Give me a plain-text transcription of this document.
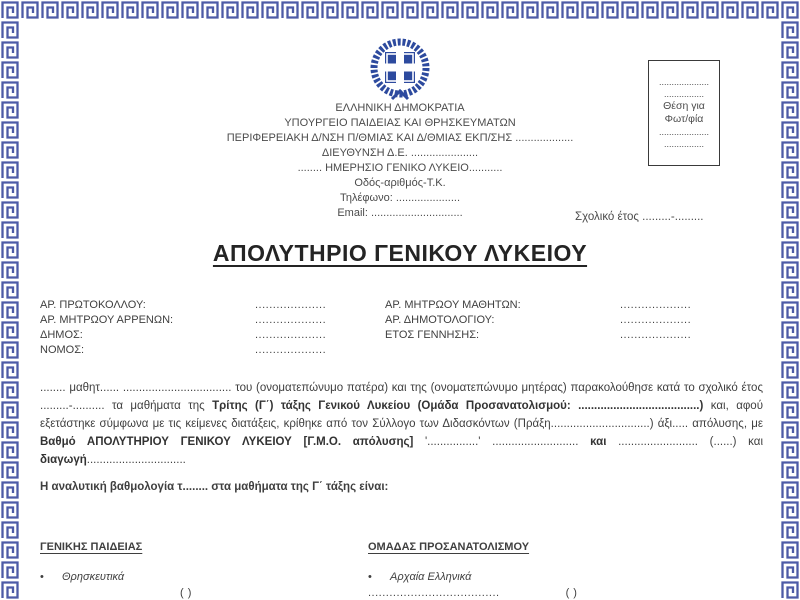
ΕΛΛΗΝΙΚΗ ΔΗΜΟΚΡΑΤΙΑ
ΥΠΟΥΡΓΕΙΟ ΠΑΙΔΕΙΑΣ ΚΑΙ ΘΡΗΣΚΕΥΜΑΤΩΝ
ΠΕΡΙΦΕΡΕΙΑΚΗ Δ/ΝΣΗ Π/ΘΜΙΑΣ ΚΑΙ Δ/ΘΜΙΑΣ ΕΚΠ/ΣΗΣ ...................
ΔΙΕΥΘΥΝΣΗ Δ.Ε. ......................
........ ΗΜΕΡΗΣΙΟ ΓΕΝΙΚΟ ΛΥΚΕΙΟ...........
Οδός-αριθμός-Τ.Κ.
Τηλέφωνο: .....................
Email: ..............................
....................
................
Θέση για
Φωτ/φία
....................
................
Σχολικό έτος .........-.........
ΑΠΟΛΥΤΗΡΙΟ ΓΕΝΙΚΟΥ ΛΥΚΕΙΟΥ
ΑΡ. ΠΡΩΤΟΚΟΛΛΟΥ:	....................
ΑΡ. ΜΗΤΡΩΟΥ ΑΡΡΕΝΩΝ:	....................
ΔΗΜΟΣ:	....................
ΝΟΜΟΣ:	....................
ΑΡ. ΜΗΤΡΩΟΥ ΜΑΘΗΤΩΝ:	....................
ΑΡ. ΔΗΜΟΤΟΛΟΓΙΟΥ:	....................
ΕΤΟΣ ΓΕΝΝΗΣΗΣ:	....................
........ μαθητ...... .................................. του (ονοματεπώνυμο πατέρα) και της (ονοματεπώνυμο μητέρας) παρακολούθησε κατά το σχολικό έτος .........-.......... τα μαθήματα της Τρίτης (Γ΄) τάξης Γενικού Λυκείου (Ομάδα Προσανατολισμού: ......................................) και, αφού εξετάστηκε σύμφωνα με τις κείμενες διατάξεις, κρίθηκε από τον Σύλλογο των Διδασκόντων (Πράξη...............................) άξι..... απόλυσης, με Βαθμό ΑΠΟΛΥΤΗΡΙΟΥ ΓΕΝΙΚΟΥ ΛΥΚΕΙΟΥ [Γ.Μ.Ο. απόλυσης] '................' ........................... και ......................... (......) και διαγωγή...............................
Η αναλυτική βαθμολογία τ........ στα μαθήματα της Γ΄ τάξης είναι:
ΓΕΝΙΚΗΣ ΠΑΙΔΕΙΑΣ
•	Θρησκευτικά
( )
ΟΜΑΔΑΣ ΠΡΟΣΑΝΑΤΟΛΙΣΜΟΥ
•	Αρχαία Ελληνικά
.....................................	( )
